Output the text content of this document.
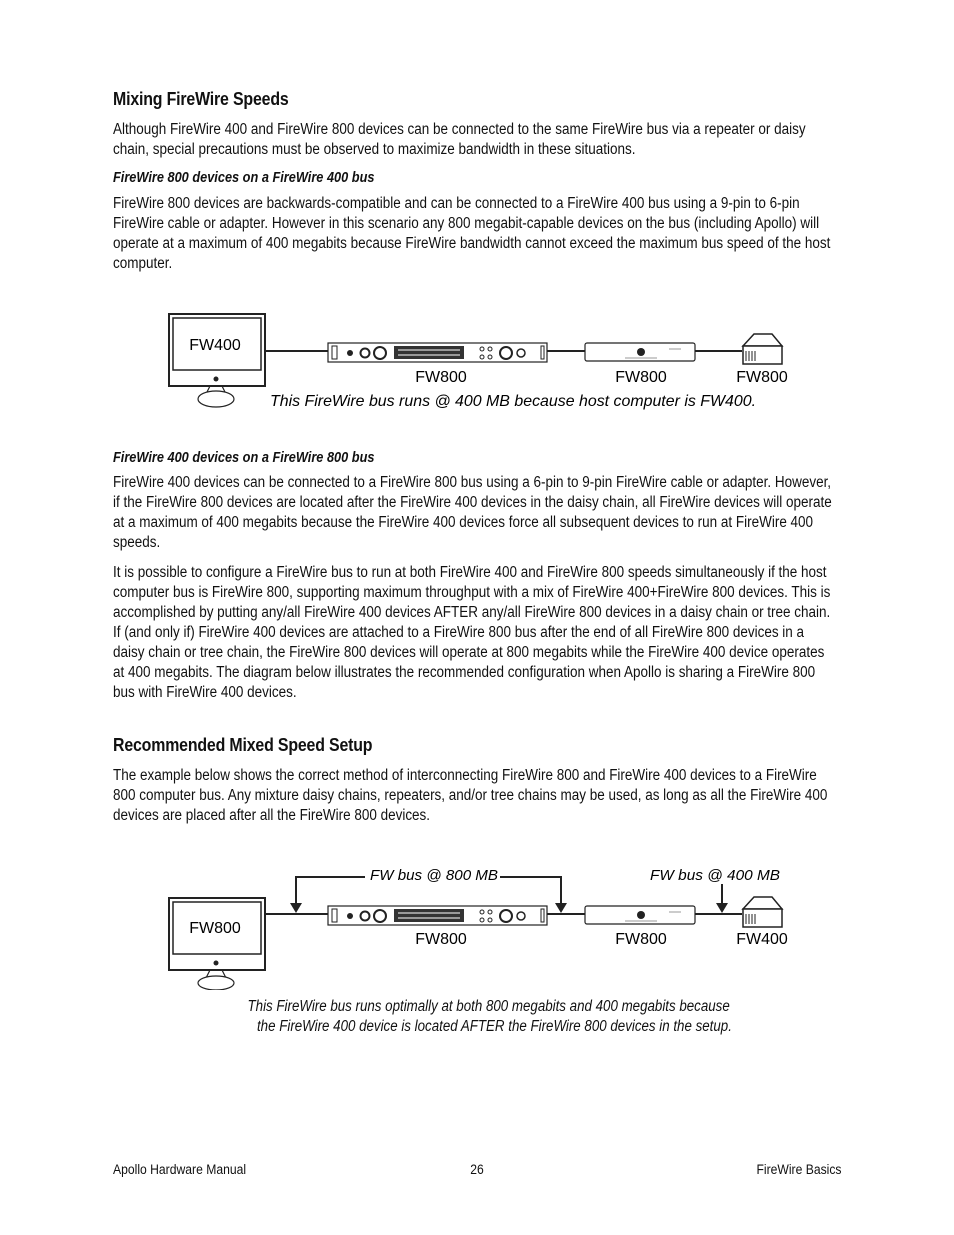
Mixing FireWire Speeds

Although FireWire 400 and FireWire 800 devices can be connected to the same FireWire bus via a repeater or daisy chain, special precautions must be observed to maximize bandwidth in these situations.

FireWire 800 devices on a FireWire 400 bus

FireWire 800 devices are backwards-compatible and can be connected to a FireWire 400 bus using a 9-pin to 6-pin FireWire cable or adapter. However in this scenario any 800 megabit-capable devices on the bus (including Apollo) will operate at a maximum of 400 megabits because FireWire bandwidth cannot exceed the maximum bus speed of the host computer.

FW400
FW800	FW800	FW800
This FireWire bus runs @ 400 MB because host computer is FW400.
FireWire 400 devices on a FireWire 800 bus

FireWire 400 devices can be connected to a FireWire 800 bus using a 6-pin to 9-pin FireWire cable or adapter. However, if the FireWire 800 devices are located after the FireWire 400 devices in the daisy chain, all FireWire devices will operate at a maximum of 400 megabits because the FireWire 400 devices force all subsequent devices to run at FireWire 400 speeds.

It is possible to configure a FireWire bus to run at both FireWire 400 and FireWire 800 speeds simultaneously if the host computer bus is FireWire 800, supporting maximum throughput with a mix of FireWire 400+FireWire 800 devices. This is accomplished by putting any/all FireWire 400 devices AFTER any/all FireWire 800 devices in a daisy chain or tree chain. If (and only if) FireWire 400 devices are attached to a FireWire 800 bus after the end of all FireWire 800 devices in a daisy chain or tree chain, the FireWire 800 devices will operate at 800 megabits while the FireWire 400 device operates at 400 megabits. The diagram below illustrates the recommended configuration when Apollo is sharing a FireWire 800 bus with FireWire 400 devices.

Recommended Mixed Speed Setup

The example below shows the correct method of interconnecting FireWire 800 and FireWire 400 devices to a FireWire 800 computer bus. Any mixture daisy chains, repeaters, and/or tree chains may be used, as long as all the FireWire 400 devices are placed after all the FireWire 800 devices.

FW800
FW bus @ 800 MB	FW bus @ 400 MB
FW800	FW800	FW400
This FireWire bus runs optimally at both 800 megabits and 400 megabits because
the FireWire 400 device is located AFTER the FireWire 800 devices in the setup.
Apollo Hardware Manual	26	FireWire Basics
